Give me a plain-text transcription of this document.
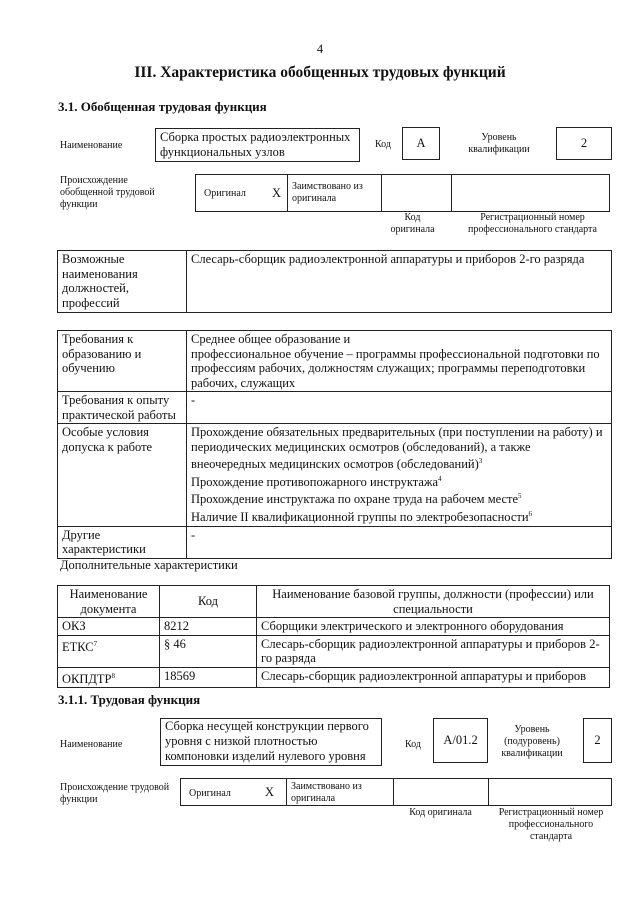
4
III. Характеристика обобщенных трудовых функций
3.1. Обобщенная трудовая функция
Наименование
Сборка простых радиоэлектронных функциональных узлов
Код	А	Уровень квалификации	2
Происхождение обобщенной трудовой функции
Оригинал X Заимствовано из оригинала
Код оригинала
Регистрационный номер профессионального стандарта
Возможные наименования должностей, профессий	Слесарь-сборщик радиоэлектронной аппаратуры и приборов 2-го разряда
Требования к образованию и обучению	Среднее общее образование и
профессиональное обучение – программы профессиональной подготовки по профессиям рабочих, должностям служащих; программы переподготовки рабочих, служащих

Требования к опыту практической работы	-
Особые условия допуска к работе	Прохождение обязательных предварительных (при поступлении на работу) и периодических медицинских осмотров (обследований), а также внеочередных медицинских осмотров (обследований)$^3$
Прохождение противопожарного инструктажа$^4$
Прохождение инструктажа по охране труда на рабочем месте$^5$
Наличие II квалификационной группы по электробезопасности$^6$

Другие характеристики	-
Дополнительные характеристики
Наименование документа	Код	Наименование базовой группы, должности (профессии) или специальности
ОКЗ	8212	Сборщики электрического и электронного оборудования
ЕТКС$^7$	§ 46	Слесарь-сборщик радиоэлектронной аппаратуры и приборов 2-го разряда
ОКПДТР$^8$	18569	Слесарь-сборщик радиоэлектронной аппаратуры и приборов
3.1.1. Трудовая функция
Наименование
Сборка несущей конструкции первого уровня с низкой плотностью компоновки изделий нулевого уровня
Код	A/01.2
Уровень (подуровень) квалификации
2
Происхождение трудовой функции
Оригинал	X Заимствовано из оригинала
Код оригинала	Регистрационный номер профессионального стандарта
